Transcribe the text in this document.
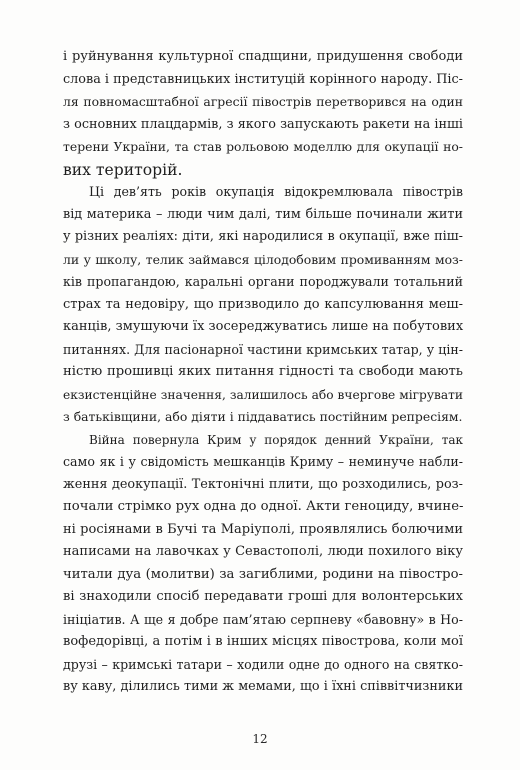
і руйнування культурної спадщини, придушення свободи
слова і представницьких інституцій корінного народу. Піс-
ля повномасштабної агресії півострів перетворився на один
з основних плацдармів, з якого запускають ракети на інші
терени України, та став рольовою моделлю для окупації но-
вих територій.
Ці дев’ять років окупація відокремлювала півострів
від материка – люди чим далі, тим більше починали жити
у різних реаліях: діти, які народилися в окупації, вже піш-
ли у школу, телик займався цілодобовим промиванням моз-
ків пропагандою, каральні органи породжували тотальний
страх та недовіру, що призводило до капсулювання меш-
канців, змушуючи їх зосереджуватись лише на побутових
питаннях. Для пасіонарної частини кримських татар, у цін-
ністю прошивці яких питання гідності та свободи мають
екзистенційне значення, залишилось або вчергове мігрувати
з батьківщини, або діяти і піддаватись постійним репресіям.
Війна повернула Крим у порядок денний України, так
само як і у свідомість мешканців Криму – неминуче набли-
ження деокупації. Тектонічні плити, що розходились, роз-
почали стрімко рух одна до одної. Акти геноциду, вчине-
ні росіянами в Бучі та Маріуполі, проявлялись болючими
написами на лавочках у Севастополі, люди похилого віку
читали дуа (молитви) за загиблими, родини на півостро-
ві знаходили спосіб передавати гроші для волонтерських
ініціатив. А ще я добре пам’ятаю серпневу «бавовну» в Но-
вофедорівці, а потім і в інших місцях півострова, коли мої
друзі – кримські татари – ходили одне до одного на святко-
ву каву, ділились тими ж мемами, що і їхні співвітчизники
12
